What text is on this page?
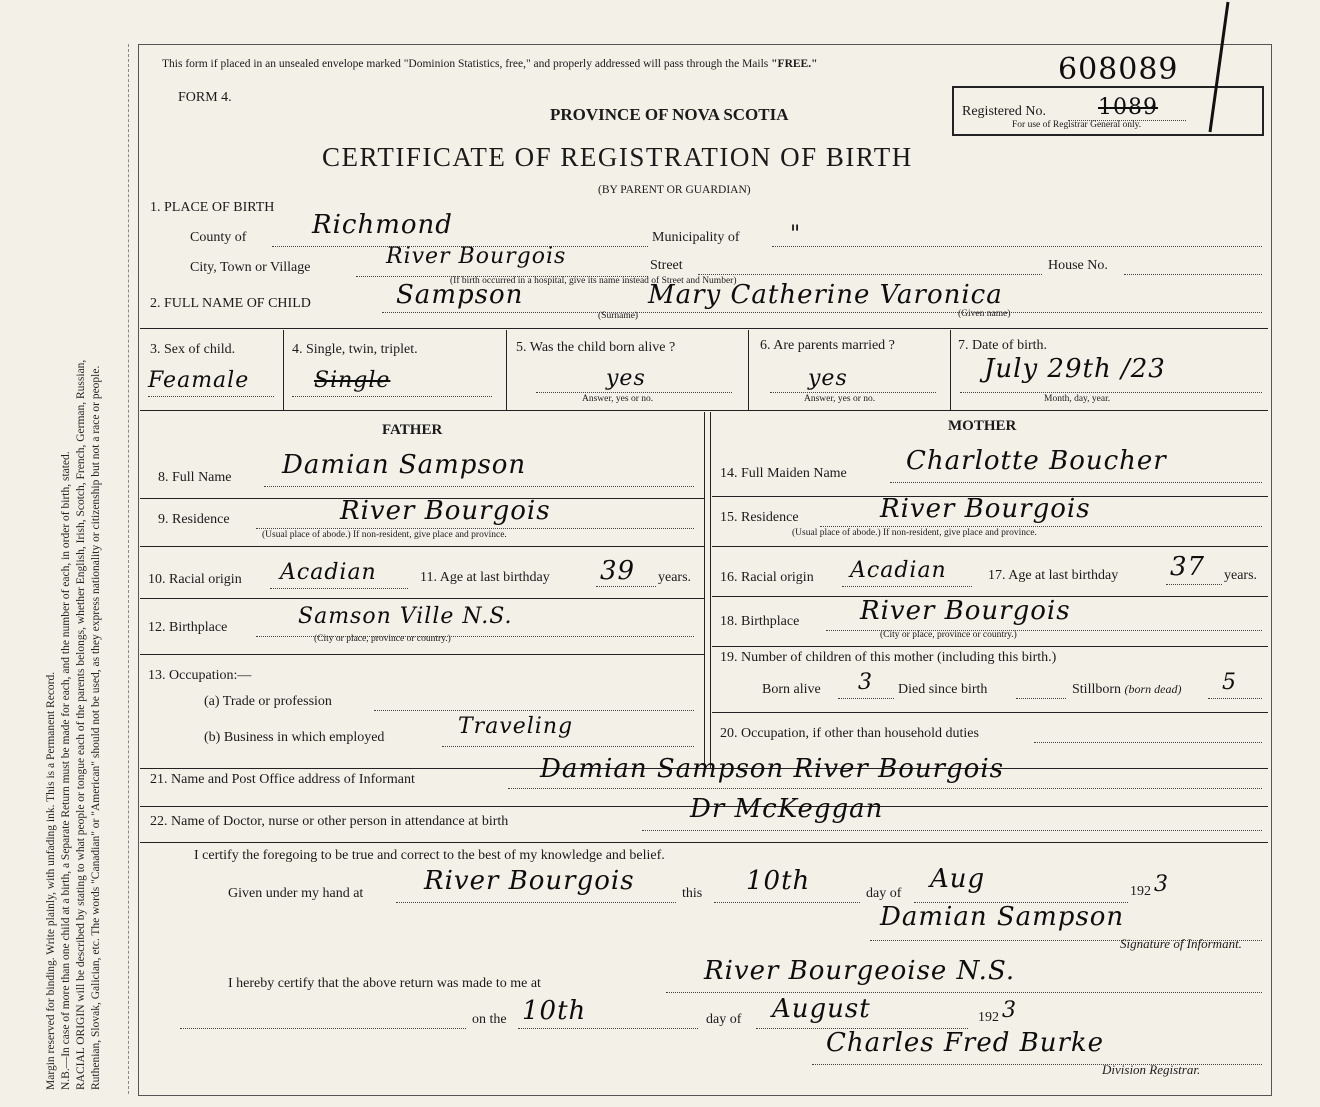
Margin reserved for binding. Write plainly, with unfading ink. This is a Permanent Record. N.B.—In case of more than one child at a birth, a Separate Return must be made for each, and the number of each, in order of birth, stated. RACIAL ORIGIN will be described by stating to what people or tongue each of the parents belongs, whether English, Irish, Scotch, French, German, Russian, Ruthenian, Slovak, Galician, etc. The words "Canadian" or "American" should not be used, as they express nationality or citizenship but not a race or people.
This form if placed in an unsealed envelope marked "Dominion Statistics, free," and properly addressed will pass through the Mails "FREE."	608089
FORM 4.
PROVINCE OF NOVA SCOTIA	Registered No. 1089
For use of Registrar General only.
CERTIFICATE OF REGISTRATION OF BIRTH
(BY PARENT OR GUARDIAN)
1. PLACE OF BIRTH
County of	Richmond	Municipality of "
City, Town or Village	River Bourgois	Street	House No.
(If birth occurred in a hospital, give its name instead of Street and Number)
2. FULL NAME OF CHILD	Sampson	Mary Catherine Varonica
(Surname)	(Given name)
3. Sex of child.
Feamale
4. Single, twin, triplet.
Single
5. Was the child born alive ?
yes
Answer, yes or no.
6. Are parents married ?
yes
Answer, yes or no.
7. Date of birth.
July 29th /23
Month, day, year.
FATHER	MOTHER
8. Full Name Damian Sampson
9. Residence	River Bourgois
(Usual place of abode.) If non-resident, give place and province.
10. Racial origin Acadian	11. Age at last birthday 39 years.
12. Birthplace	Samson Ville N.S.
(City or place, province or country.)
13. Occupation:—
(a) Trade or profession
(b) Business in which employed	Traveling
14. Full Maiden Name Charlotte Boucher
15. Residence	River Bourgois
(Usual place of abode.) If non-resident, give place and province.
16. Racial origin Acadian	17. Age at last birthday 37 years.
18. Birthplace River Bourgois
(City or place, province or country.)
19. Number of children of this mother (including this birth.)
Born alive 3 Died since birth	Stillborn (born dead) 5
20. Occupation, if other than household duties
21. Name and Post Office address of Informant	Damian Sampson River Bourgois
22. Name of Doctor, nurse or other person in attendance at birth	Dr McKeggan
I certify the foregoing to be true and correct to the best of my knowledge and belief.
Given under my hand at River Bourgois	this 10th	day of Aug	192 3
Damian Sampson
Signature of Informant.
I hereby certify that the above return was made to me at	River Bourgeoise N.S.
on the 10th	day of August	192 3
Charles Fred Burke
Division Registrar.
